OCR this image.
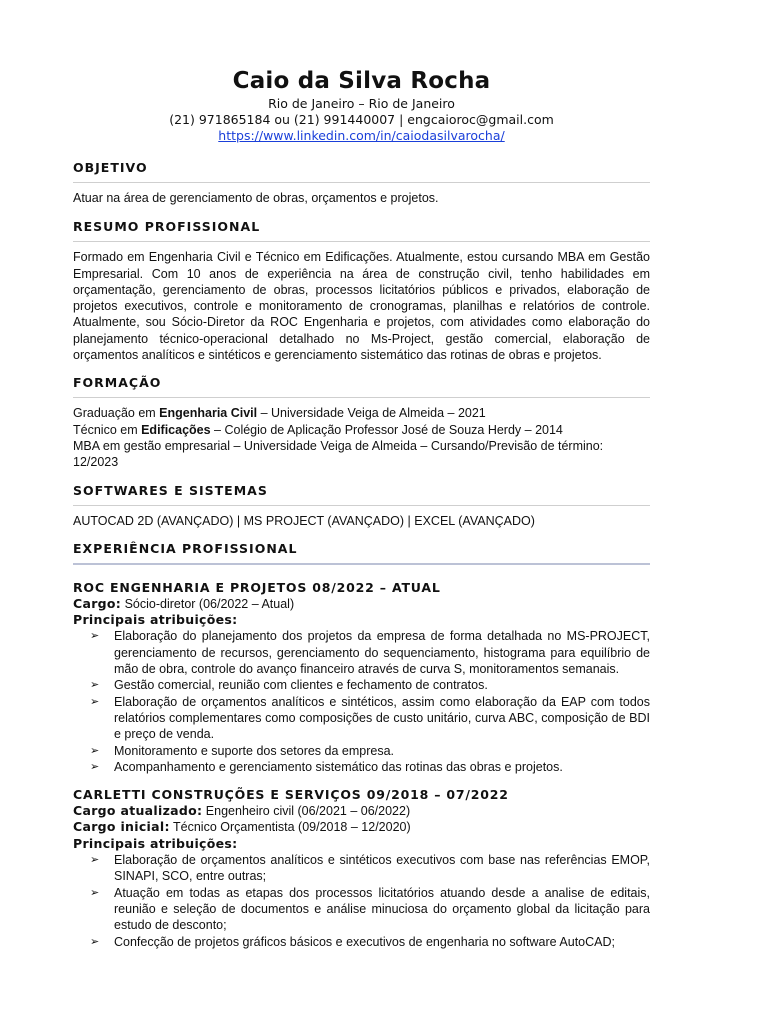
Caio da Silva Rocha
Rio de Janeiro – Rio de Janeiro
(21) 971865184 ou (21) 991440007 | engcaioroc@gmail.com
https://www.linkedin.com/in/caiodasilvarocha/
OBJETIVO

Atuar na área de gerenciamento de obras, orçamentos e projetos.

RESUMO PROFISSIONAL

Formado em Engenharia Civil e Técnico em Edificações. Atualmente, estou cursando MBA em Gestão Empresarial. Com 10 anos de experiência na área de construção civil, tenho habilidades em orçamentação, gerenciamento de obras, processos licitatórios públicos e privados, elaboração de projetos executivos, controle e monitoramento de cronogramas, planilhas e relatórios de controle. Atualmente, sou Sócio-Diretor da ROC Engenharia e projetos, com atividades como elaboração do planejamento técnico-operacional detalhado no Ms-Project, gestão comercial, elaboração de orçamentos analíticos e sintéticos e gerenciamento sistemático das rotinas de obras e projetos.

FORMAÇÃO

Graduação em Engenharia Civil – Universidade Veiga de Almeida – 2021

Técnico em Edificações – Colégio de Aplicação Professor José de Souza Herdy – 2014

MBA em gestão empresarial – Universidade Veiga de Almeida – Cursando/Previsão de término: 12/2023

SOFTWARES E SISTEMAS

AUTOCAD 2D (AVANÇADO) | MS PROJECT (AVANÇADO) | EXCEL (AVANÇADO)

EXPERIÊNCIA PROFISSIONAL
ROC ENGENHARIA E PROJETOS 08/2022 – ATUAL

Cargo: Sócio-diretor (06/2022 – Atual)

Principais atribuições:

➢ Elaboração do planejamento dos projetos da empresa de forma detalhada no MS-PROJECT, gerenciamento de recursos, gerenciamento do sequenciamento, histograma para equilíbrio de mão de obra, controle do avanço financeiro através de curva S, monitoramentos semanais.
➢ Gestão comercial, reunião com clientes e fechamento de contratos.
➢ Elaboração de orçamentos analíticos e sintéticos, assim como elaboração da EAP com todos relatórios complementares como composições de custo unitário, curva ABC, composição de BDI e preço de venda.
➢ Monitoramento e suporte dos setores da empresa.
➢ Acompanhamento e gerenciamento sistemático das rotinas das obras e projetos.
CARLETTI CONSTRUÇÕES E SERVIÇOS 09/2018 – 07/2022

Cargo atualizado: Engenheiro civil (06/2021 – 06/2022)

Cargo inicial: Técnico Orçamentista (09/2018 – 12/2020)

Principais atribuições:

➢ Elaboração de orçamentos analíticos e sintéticos executivos com base nas referências EMOP, SINAPI, SCO, entre outras;
➢ Atuação em todas as etapas dos processos licitatórios atuando desde a analise de editais, reunião e seleção de documentos e análise minuciosa do orçamento global da licitação para estudo de desconto;
➢ Confecção de projetos gráficos básicos e executivos de engenharia no software AutoCAD;
